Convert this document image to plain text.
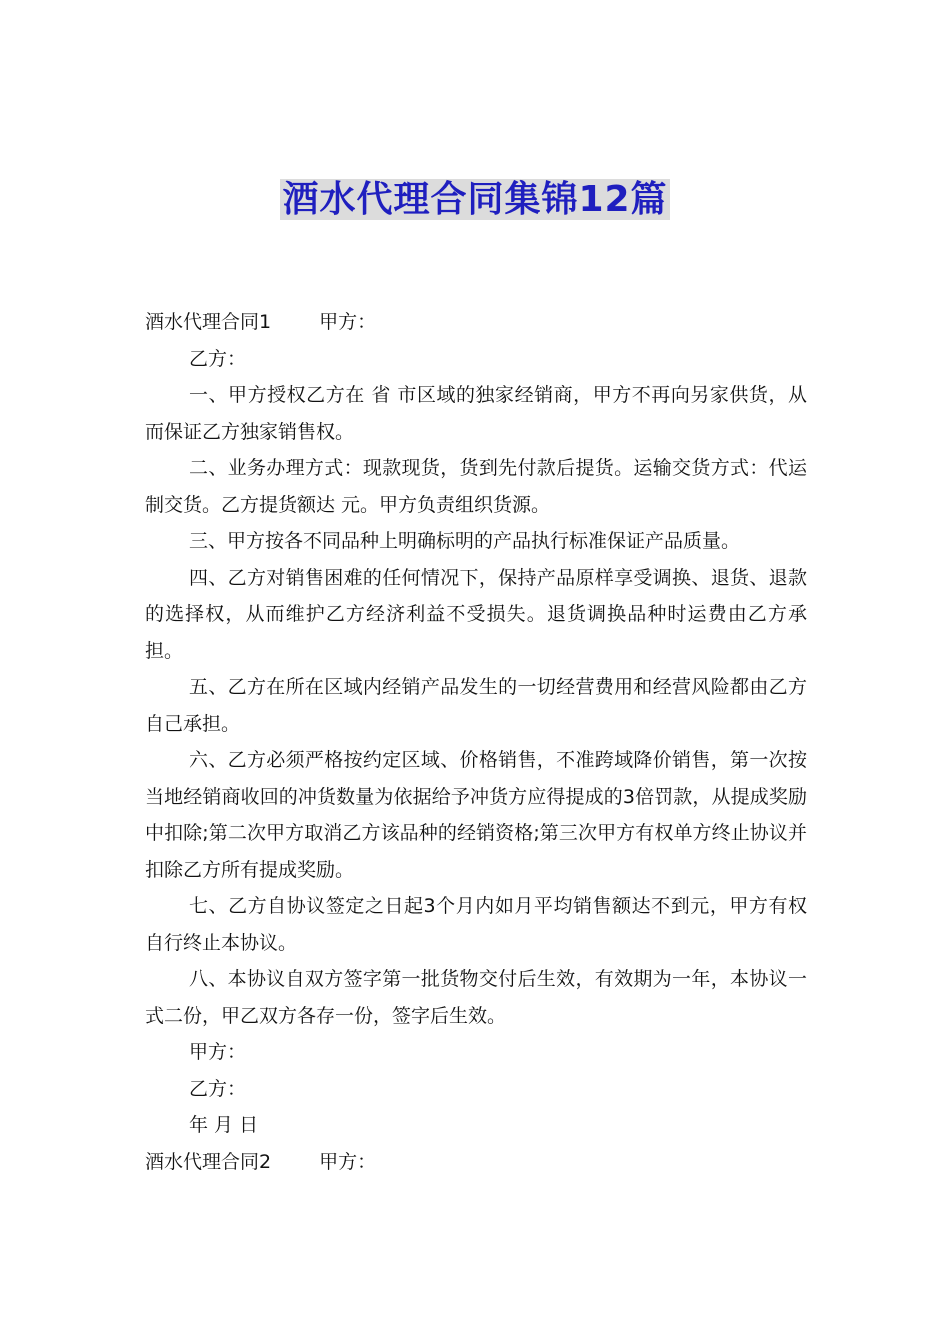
酒水代理合同集锦12篇

酒水代理合同1	甲方：

乙方：

一、甲方授权乙方在 省 市区域的独家经销商，甲方不再向另家供货，从而保证乙方独家销售权。

二、业务办理方式：现款现货，货到先付款后提货。运输交货方式：代运制交货。乙方提货额达 元。甲方负责组织货源。

三、甲方按各不同品种上明确标明的产品执行标准保证产品质量。

四、乙方对销售困难的任何情况下，保持产品原样享受调换、退货、退款的选择权，从而维护乙方经济利益不受损失。退货调换品种时运费由乙方承担。

五、乙方在所在区域内经销产品发生的一切经营费用和经营风险都由乙方自己承担。

六、乙方必须严格按约定区域、价格销售，不准跨域降价销售，第一次按当地经销商收回的冲货数量为依据给予冲货方应得提成的3倍罚款，从提成奖励中扣除;第二次甲方取消乙方该品种的经销资格;第三次甲方有权单方终止协议并扣除乙方所有提成奖励。

七、乙方自协议签定之日起3个月内如月平均销售额达不到元，甲方有权自行终止本协议。

八、本协议自双方签字第一批货物交付后生效，有效期为一年，本协议一式二份，甲乙双方各存一份，签字后生效。

甲方：

乙方：

年 月 日

酒水代理合同2	甲方：
